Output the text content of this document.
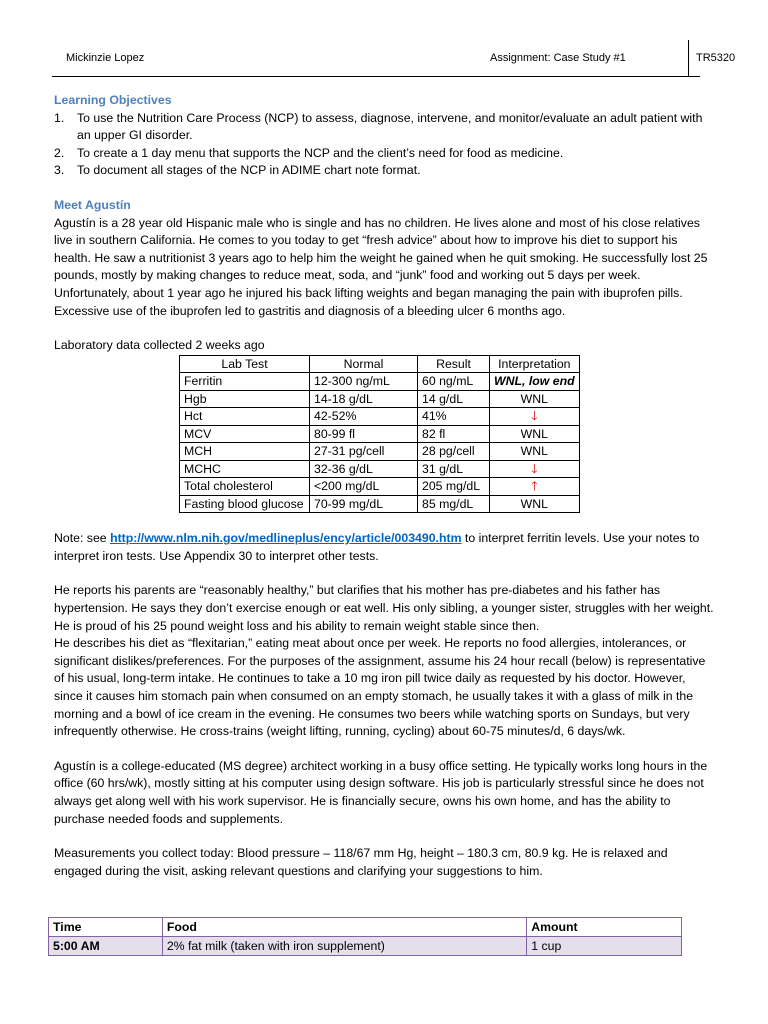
Mickinzie Lopez	Assignment: Case Study #1	TR5320

Learning Objectives

1. To use the Nutrition Care Process (NCP) to assess, diagnose, intervene, and monitor/evaluate an adult patient with an upper GI disorder.
2. To create a 1 day menu that supports the NCP and the client’s need for food as medicine.
3. To document all stages of the NCP in ADIME chart note format.

Meet Agustín

Agustín is a 28 year old Hispanic male who is single and has no children. He lives alone and most of his close relatives live in southern California. He comes to you today to get “fresh advice” about how to improve his diet to support his health. He saw a nutritionist 3 years ago to help him the weight he gained when he quit smoking. He successfully lost 25 pounds, mostly by making changes to reduce meat, soda, and “junk” food and working out 5 days per week. Unfortunately, about 1 year ago he injured his back lifting weights and began managing the pain with ibuprofen pills. Excessive use of the ibuprofen led to gastritis and diagnosis of a bleeding ulcer 6 months ago.

Laboratory data collected 2 weeks ago

Lab Test	Normal	Result	Interpretation
Ferritin	12-300 ng/mL	60 ng/mL	WNL, low end
Hgb	14-18 g/dL	14 g/dL	WNL
Hct	42-52%	41%	🡓
MCV	80-99 fl	82 fl	WNL
MCH	27-31 pg/cell	28 pg/cell	WNL
MCHC	32-36 g/dL	31 g/dL	🡓
Total cholesterol	<200 mg/dL	205 mg/dL	🡑
Fasting blood glucose	70-99 mg/dL	85 mg/dL	WNL

Note: see http://www.nlm.nih.gov/medlineplus/ency/article/003490.htm to interpret ferritin levels. Use your notes to interpret iron tests. Use Appendix 30 to interpret other tests.

He reports his parents are “reasonably healthy,” but clarifies that his mother has pre-diabetes and his father has hypertension. He says they don’t exercise enough or eat well. His only sibling, a younger sister, struggles with her weight. He is proud of his 25 pound weight loss and his ability to remain weight stable since then.

He describes his diet as “flexitarian,” eating meat about once per week. He reports no food allergies, intolerances, or significant dislikes/preferences. For the purposes of the assignment, assume his 24 hour recall (below) is representative of his usual, long-term intake. He continues to take a 10 mg iron pill twice daily as requested by his doctor. However, since it causes him stomach pain when consumed on an empty stomach, he usually takes it with a glass of milk in the morning and a bowl of ice cream in the evening. He consumes two beers while watching sports on Sundays, but very infrequently otherwise. He cross-trains (weight lifting, running, cycling) about 60-75 minutes/d, 6 days/wk.

Agustín is a college-educated (MS degree) architect working in a busy office setting. He typically works long hours in the office (60 hrs/wk), mostly sitting at his computer using design software. His job is particularly stressful since he does not always get along well with his work supervisor. He is financially secure, owns his own home, and has the ability to purchase needed foods and supplements.

Measurements you collect today: Blood pressure – 118/67 mm Hg, height – 180.3 cm, 80.9 kg. He is relaxed and engaged during the visit, asking relevant questions and clarifying your suggestions to him.

Time	Food	Amount
5:00 AM	2% fat milk (taken with iron supplement)	1 cup
